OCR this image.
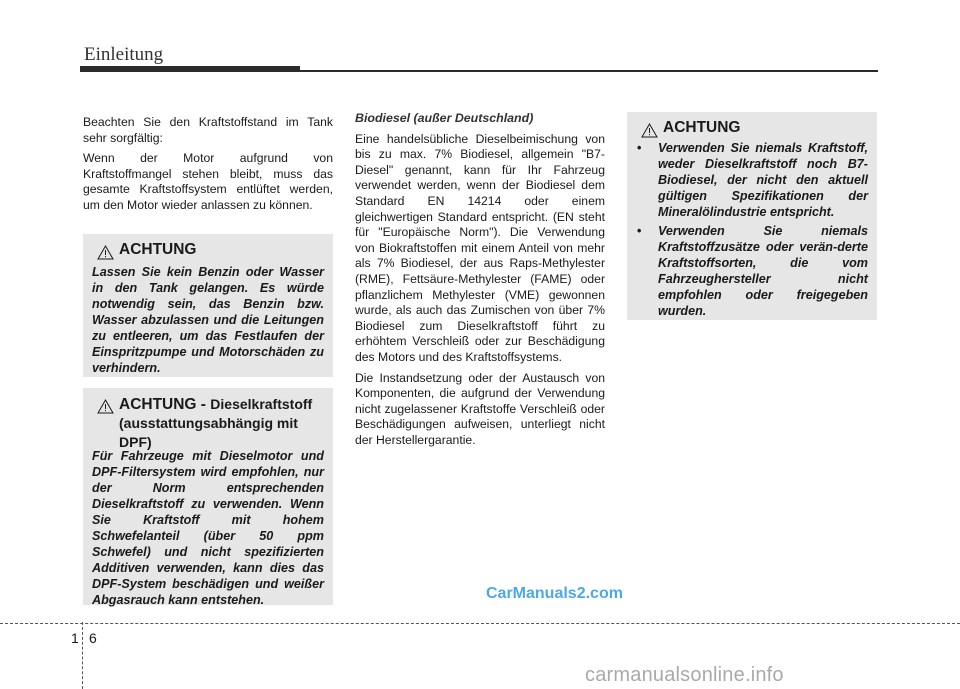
Einleitung

Beachten Sie den Kraftstoffstand im Tank sehr sorgfältig:

Wenn der Motor aufgrund von Kraftstoffmangel stehen bleibt, muss das gesamte Kraftstoffsystem entlüftet werden, um den Motor wieder anlassen zu können.

ACHTUNG
Lassen Sie kein Benzin oder Wasser in den Tank gelangen. Es würde notwendig sein, das Benzin bzw. Wasser abzulassen und die Leitungen zu entleeren, um das Festlaufen der Einspritzpumpe und Motorschäden zu verhindern.
ACHTUNG - Dieselkraftstoff (ausstattungsabhängig mit DPF)
Für Fahrzeuge mit Dieselmotor und DPF-Filtersystem wird empfohlen, nur der Norm entsprechenden Dieselkraftstoff zu verwenden. Wenn Sie Kraftstoff mit hohem Schwefelanteil (über 50 ppm Schwefel) und nicht spezifizierten Additiven verwenden, kann dies das DPF-System beschädigen und weißer Abgasrauch kann entstehen.

Biodiesel (außer Deutschland)

Eine handelsübliche Dieselbeimischung von bis zu max. 7% Biodiesel, allgemein "B7-Diesel" genannt, kann für Ihr Fahrzeug verwendet werden, wenn der Biodiesel dem Standard EN 14214 oder einem gleichwertigen Standard entspricht. (EN steht für "Europäische Norm"). Die Verwendung von Biokraftstoffen mit einem Anteil von mehr als 7% Biodiesel, der aus Raps-Methylester (RME), Fettsäure-Methylester (FAME) oder pflanzlichem Methylester (VME) gewonnen wurde, als auch das Zumischen von über 7% Biodiesel zum Dieselkraftstoff führt zu erhöhtem Verschleiß oder zur Beschädigung des Motors und des Kraftstoffsystems.

Die Instandsetzung oder der Austausch von Komponenten, die aufgrund der Verwendung nicht zugelassener Kraftstoffe Verschleiß oder Beschädigungen aufweisen, unterliegt nicht der Herstellergarantie.

ACHTUNG
• Verwenden Sie niemals Kraftstoff, weder Dieselkraftstoff noch B7-Biodiesel, der nicht den aktuell gültigen Spezifikationen der Mineralölindustrie entspricht.
• Verwenden Sie niemals Kraftstoffzusätze oder verän-derte Kraftstoffsorten, die vom Fahrzeughersteller nicht empfohlen oder freigegeben wurden.
CarManuals2.com
1 6
carmanualsonline.info
